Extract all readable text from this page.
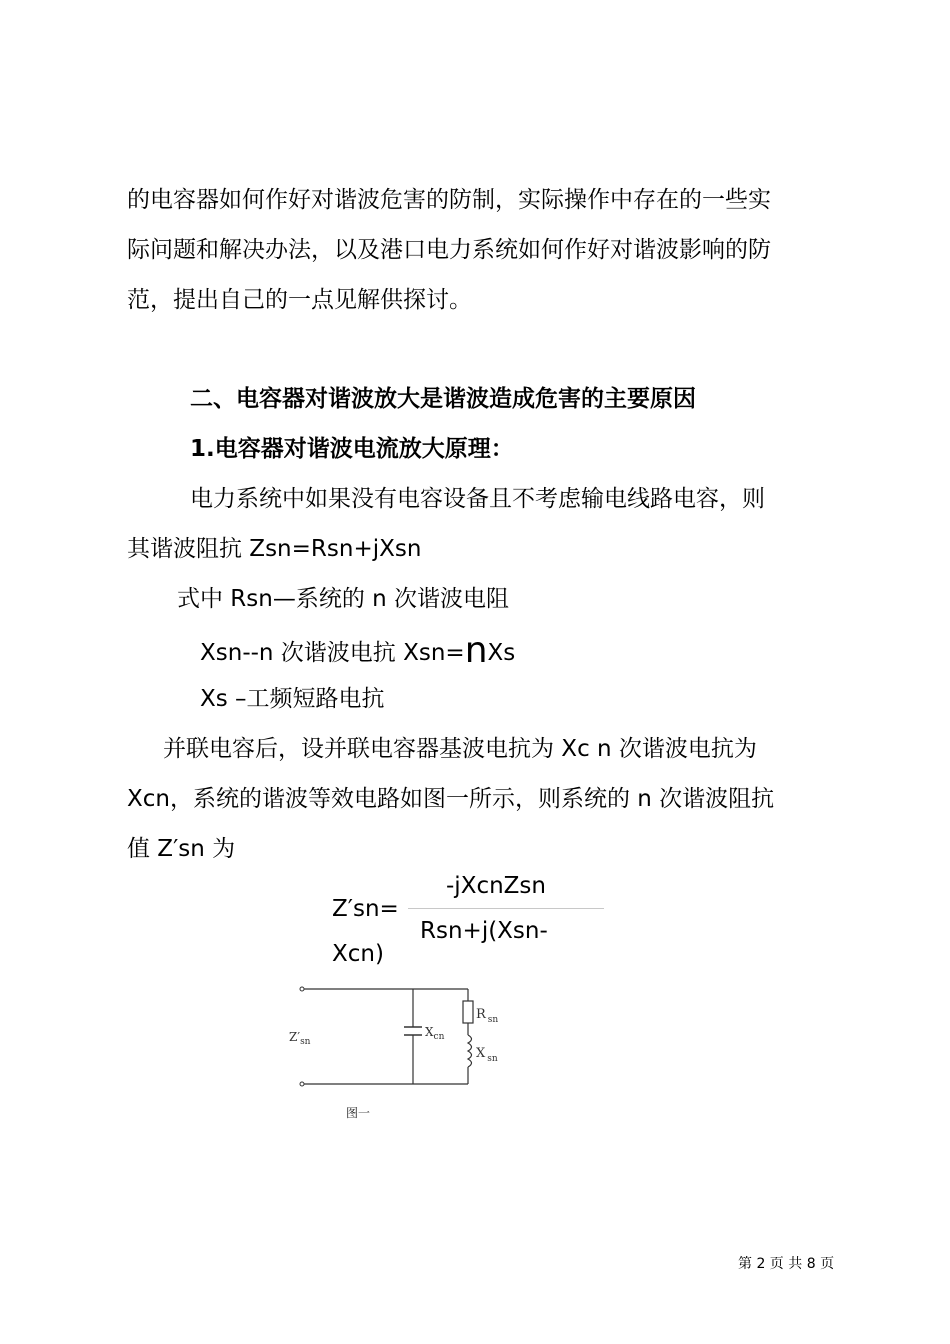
的电容器如何作好对谐波危害的防制，实际操作中存在的一些实
际问题和解决办法，以及港口电力系统如何作好对谐波影响的防
范，提出自己的一点见解供探讨。
二、电容器对谐波放大是谐波造成危害的主要原因
1.电容器对谐波电流放大原理：
电力系统中如果没有电容设备且不考虑输电线路电容，则
其谐波阻抗 Zsn=Rsn+jXsn
式中 Rsn—系统的 n 次谐波电阻
Xsn--n 次谐波电抗 Xsn=nXs
Xs –工频短路电抗
并联电容后，设并联电容器基波电抗为 Xc n 次谐波电抗为
Xcn，系统的谐波等效电路如图一所示，则系统的 n 次谐波阻抗
值 Z′sn 为
-jXcnZsn
Z′sn=
Rsn+j(Xsn-
Xcn)
$Z'_{sn}$
$X_{cn}$
R $_{sn}$
X $_{sn}$
图一
第 2 页 共 8 页
